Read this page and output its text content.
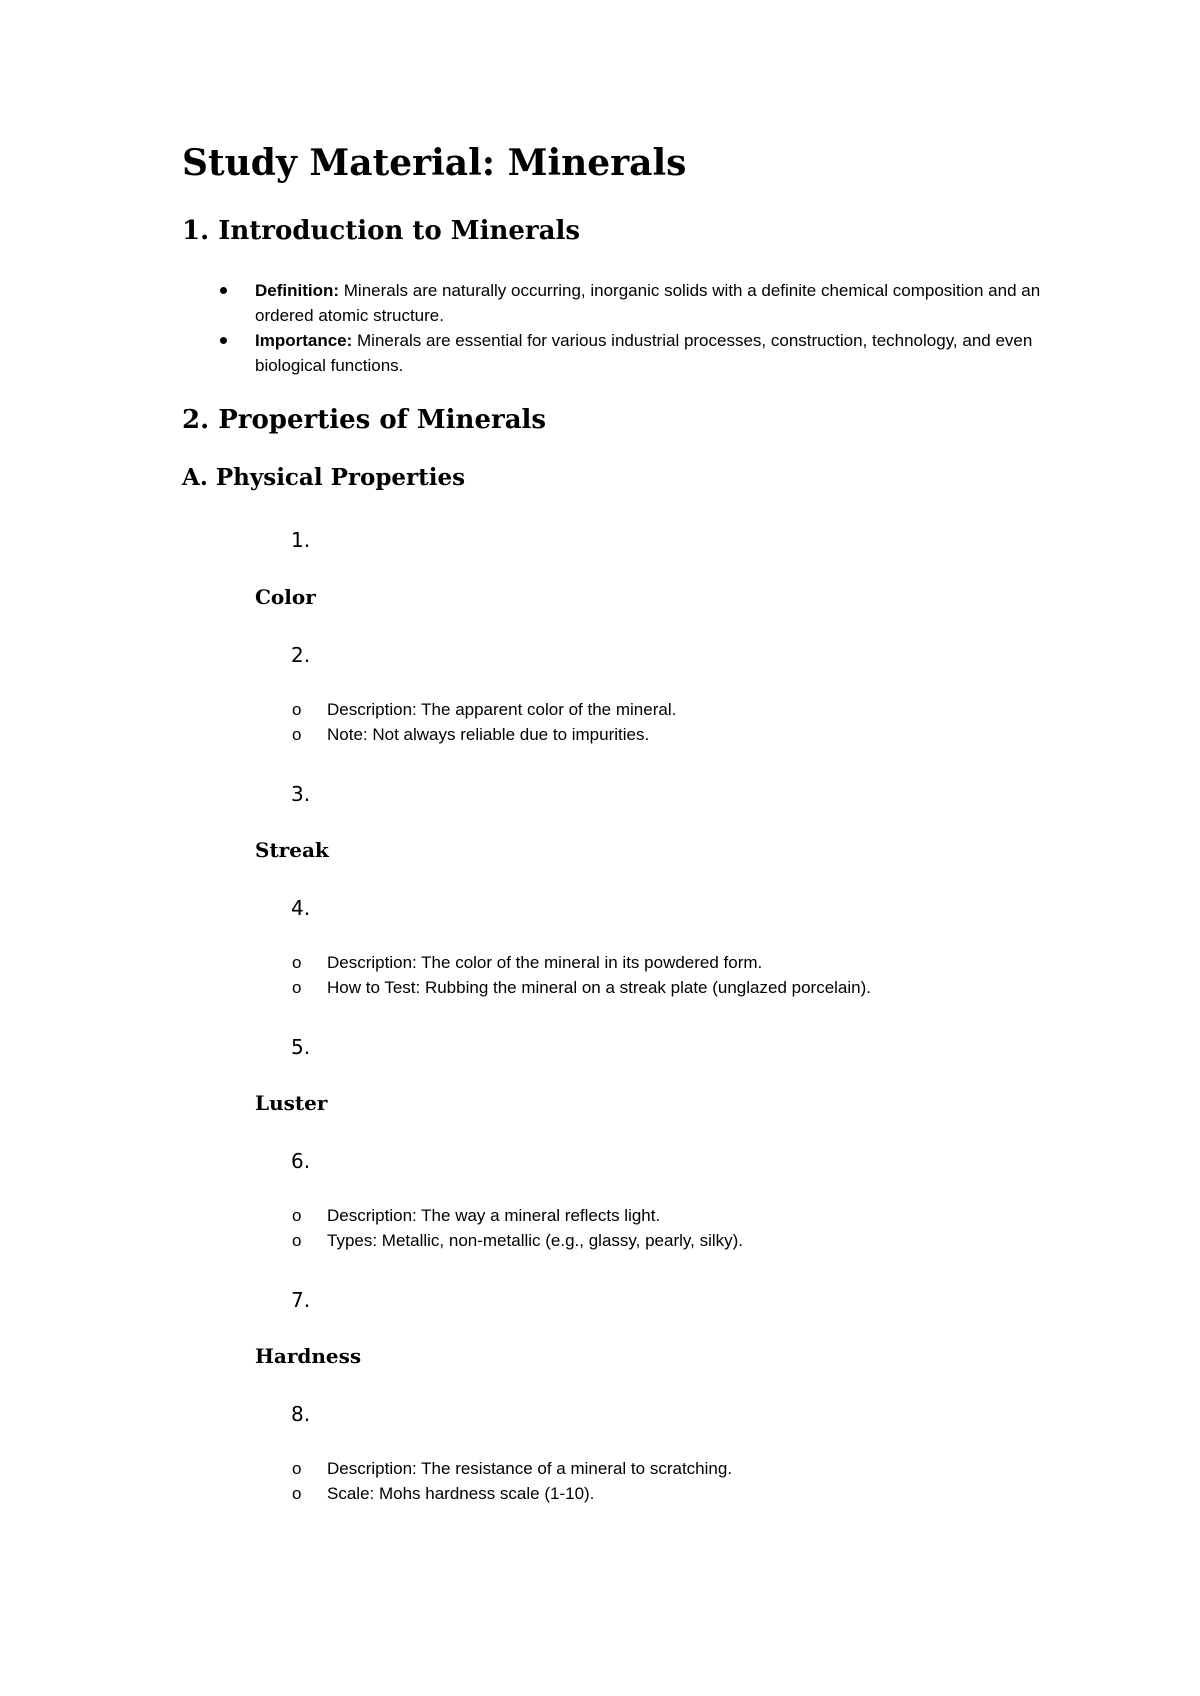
Study Material: Minerals
1. Introduction to Minerals
Definition: Minerals are naturally occurring, inorganic solids with a definite chemical composition and an ordered atomic structure.
Importance: Minerals are essential for various industrial processes, construction, technology, and even biological functions.
2. Properties of Minerals
A. Physical Properties

1.

Color

2.

o Description: The apparent color of the mineral.
o Note: Not always reliable due to impurities.

3.

Streak

4.

o Description: The color of the mineral in its powdered form.
o How to Test: Rubbing the mineral on a streak plate (unglazed porcelain).

5.

Luster

6.

o Description: The way a mineral reflects light.
o Types: Metallic, non-metallic (e.g., glassy, pearly, silky).

7.

Hardness

8.

o Description: The resistance of a mineral to scratching.
o Scale: Mohs hardness scale (1-10).
